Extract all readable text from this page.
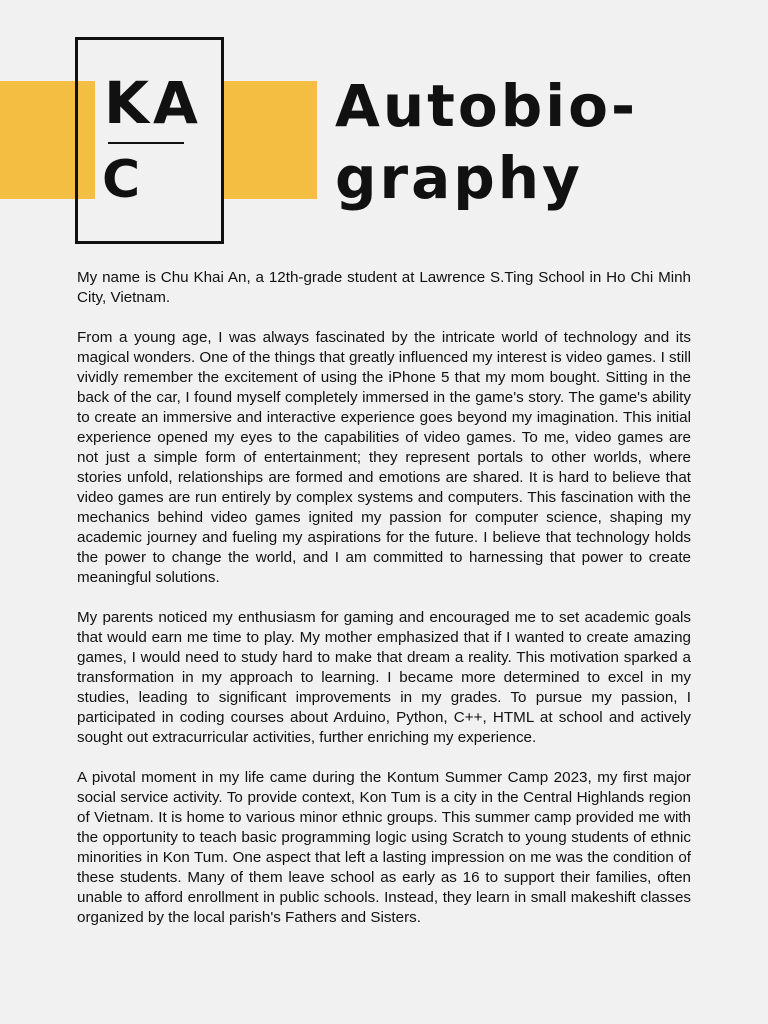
KA
C
Autobio-
graphy

My name is Chu Khai An, a 12th-grade student at Lawrence S.Ting School in Ho Chi Minh City, Vietnam.

From a young age, I was always fascinated by the intricate world of technology and its magical wonders. One of the things that greatly influenced my interest is video games. I still vividly remember the excitement of using the iPhone 5 that my mom bought. Sitting in the back of the car, I found myself completely immersed in the game's story. The game's ability to create an immersive and interactive experience goes beyond my imagination. This initial experience opened my eyes to the capabilities of video games. To me, video games are not just a simple form of entertainment; they represent portals to other worlds, where stories unfold, relationships are formed and emotions are shared. It is hard to believe that video games are run entirely by complex systems and computers. This fascination with the mechanics behind video games ignited my passion for computer science, shaping my academic journey and fueling my aspirations for the future. I believe that technology holds the power to change the world, and I am committed to harnessing that power to create meaningful solutions.

My parents noticed my enthusiasm for gaming and encouraged me to set academic goals that would earn me time to play. My mother emphasized that if I wanted to create amazing games, I would need to study hard to make that dream a reality. This motivation sparked a transformation in my approach to learning. I became more determined to excel in my studies, leading to significant improvements in my grades. To pursue my passion, I participated in coding courses about Arduino, Python, C++, HTML at school and actively sought out extracurricular activities, further enriching my experience.

A pivotal moment in my life came during the Kontum Summer Camp 2023, my first major social service activity. To provide context, Kon Tum is a city in the Central Highlands region of Vietnam. It is home to various minor ethnic groups. This summer camp provided me with the opportunity to teach basic programming logic using Scratch to young students of ethnic minorities in Kon Tum. One aspect that left a lasting impression on me was the condition of these students. Many of them leave school as early as 16 to support their families, often unable to afford enrollment in public schools. Instead, they learn in small makeshift classes organized by the local parish's Fathers and Sisters.
